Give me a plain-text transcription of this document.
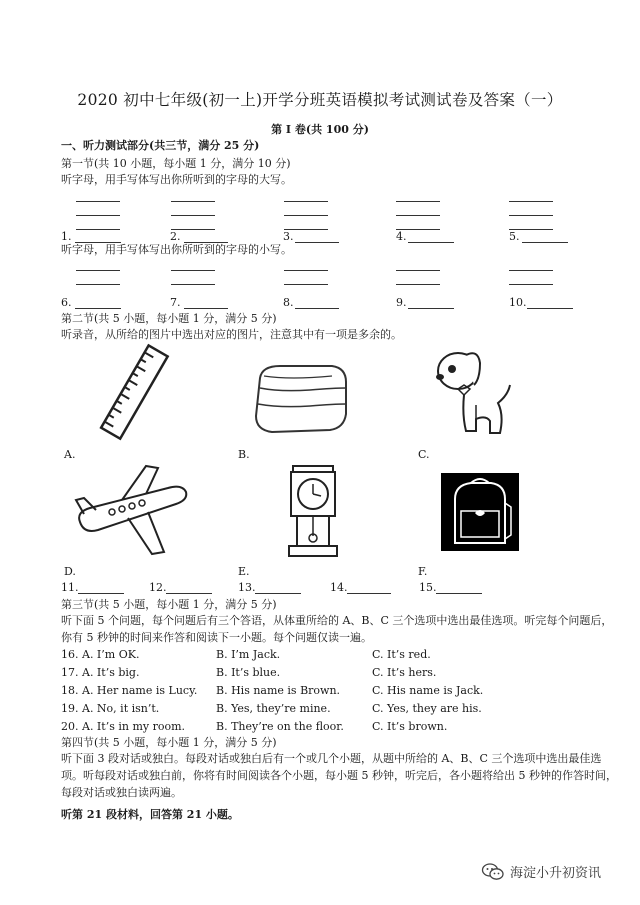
2020 初中七年级(初一上)开学分班英语模拟考试测试卷及答案（一）
第 I 卷(共 100 分)
一、听力测试部分(共三节，满分 25 分)
第一节(共 10 小题，每小题 1 分，满分 10 分)
听字母，用手写体写出你所听到的字母的大写。
1.	2.	3.	4.	5.
听字母，用手写体写出你所听到的字母的小写。
6.	7.	8.	9.	10.
第二节(共 5 小题，每小题 1 分，满分 5 分)
听录音，从所给的图片中选出对应的图片，注意其中有一项是多余的。
A.	B.	C.
D.	E.	F.
11.	12.	13.	14.	15.
第三节(共 5 小题，每小题 1 分，满分 5 分)
听下面 5 个问题，每个问题后有三个答语，从体重所给的 A、B、C 三个选项中选出最佳选项。听完每个问题后，你有 5 秒钟的时间来作答和阅读下一小题。每个问题仅读一遍。
16. A. I’m OK.	B. I’m Jack.	C. It’s red.
17. A. It’s big.	B. It’s blue.	C. It’s hers.
18. A. Her name is Lucy. B. His name is Brown.	C. His name is Jack.
19. A. No, it isn’t.	B. Yes, they’re mine.	C. Yes, they are his.
20. A. It’s in my room.	B. They’re on the floor.	C. It’s brown.
第四节(共 5 小题，每小题 1 分，满分 5 分)
听下面 3 段对话或独白。每段对话或独白后有一个或几个小题，从题中所给的 A、B、C 三个选项中选出最佳选项。听每段对话或独白前，你将有时间阅读各个小题，每小题 5 秒钟，听完后，各小题将给出 5 秒钟的作答时间，每段对话或独白读两遍。
听第 21 段材料，回答第 21 小题。
海淀小升初资讯
